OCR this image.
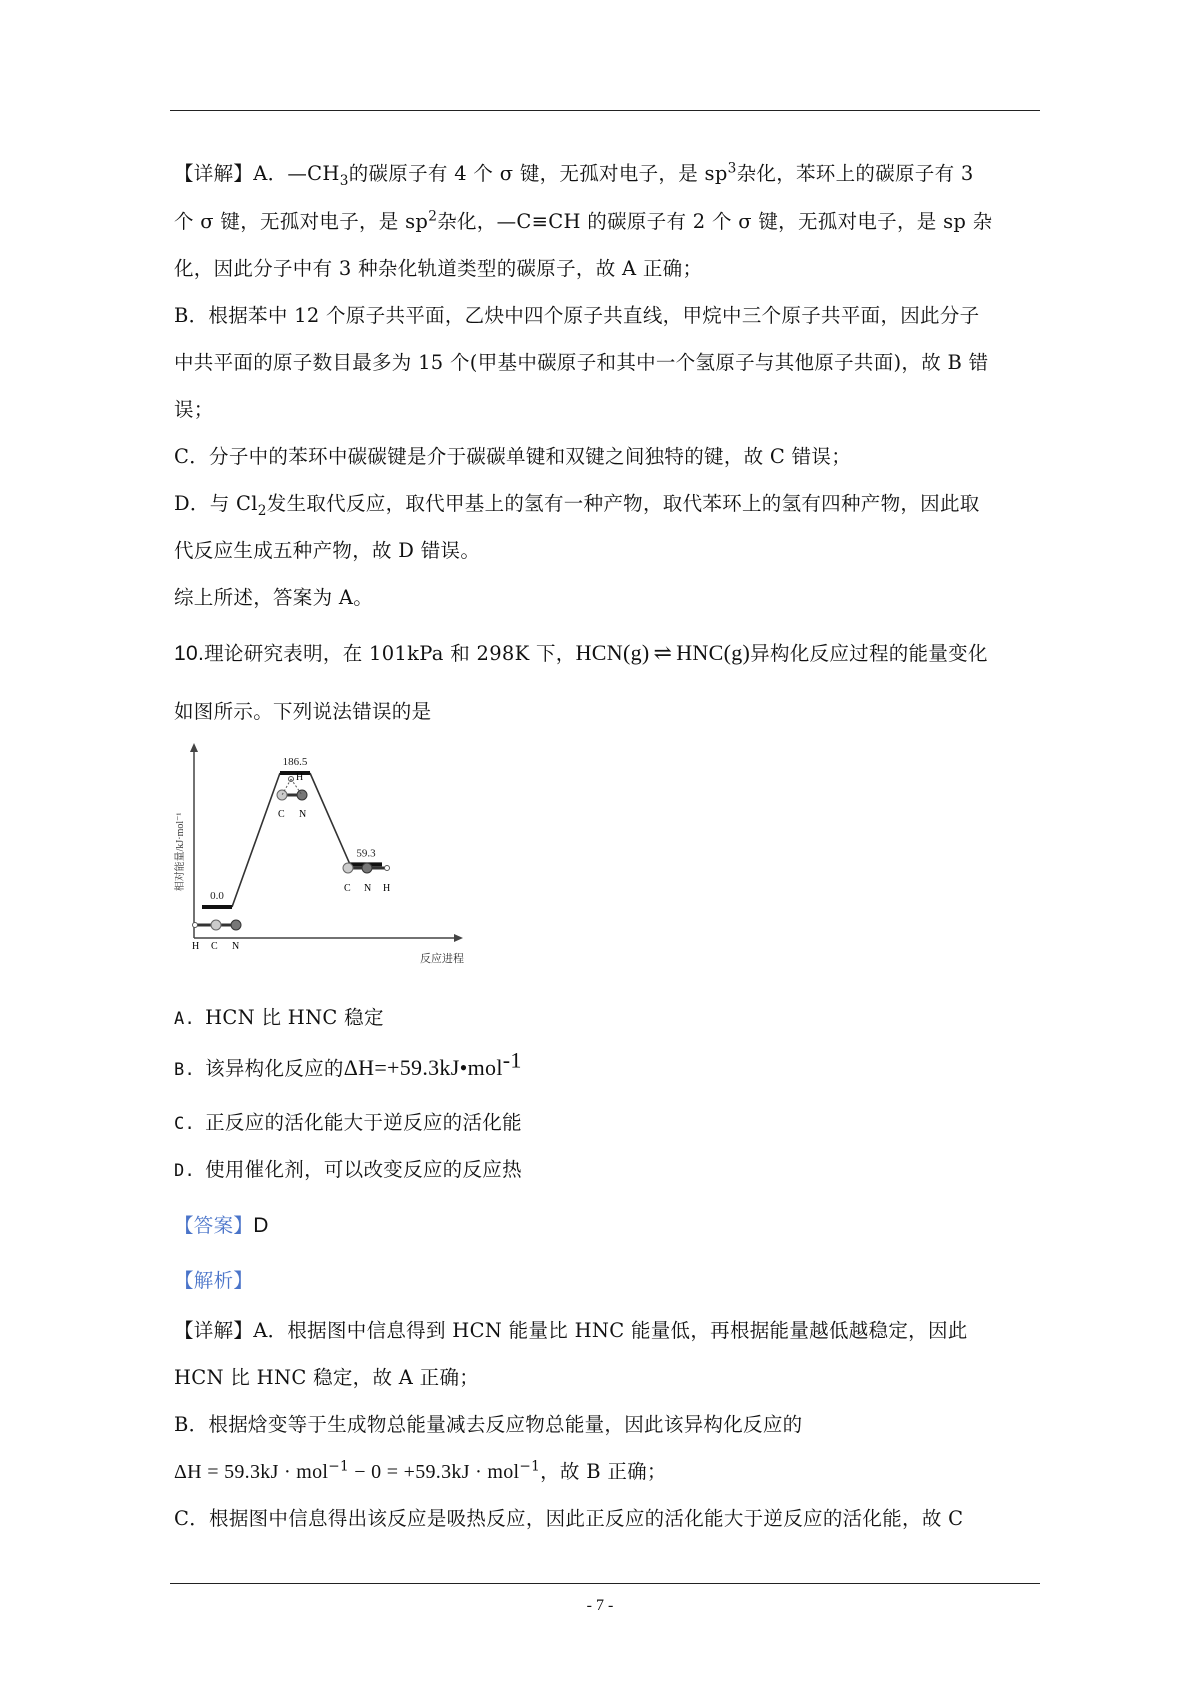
【详解】A．$—CH_3$的碳原子有 4 个 σ 键，无孤对电子，是 $sp^3$杂化，苯环上的碳原子有 3
个 σ 键，无孤对电子，是 $sp^2$杂化，—C≡CH 的碳原子有 2 个 σ 键，无孤对电子，是 sp 杂
化，因此分子中有 3 种杂化轨道类型的碳原子，故 A 正确；
B．根据苯中 12 个原子共平面，乙炔中四个原子共直线，甲烷中三个原子共平面，因此分子
中共平面的原子数目最多为 15 个(甲基中碳原子和其中一个氢原子与其他原子共面)，故 B 错
误；
C．分子中的苯环中碳碳键是介于碳碳单键和双键之间独特的键，故 C 错误；
D．与 $Cl_2$发生取代反应，取代甲基上的氢有一种产物，取代苯环上的氢有四种产物，因此取
代反应生成五种产物，故 D 错误。
综上所述，答案为 A。
10.理论研究表明，在 101kPa 和 298K 下，HCN(g) ⇌ HNC(g)异构化反应过程的能量变化
如图所示。下列说法错误的是
相对能量/kJ·mol⁻¹
反应进程
0.0
186.5
59.3
H C N
H
C N
C N H
A. HCN 比 HNC 稳定
B. 该异构化反应的ΔH=+59.3kJ•mol$^{-1}$
C. 正反应的活化能大于逆反应的活化能
D. 使用催化剂，可以改变反应的反应热
【答案】D
【解析】
【详解】A．根据图中信息得到 HCN 能量比 HNC 能量低，再根据能量越低越稳定，因此
HCN 比 HNC 稳定，故 A 正确；
B．根据焓变等于生成物总能量减去反应物总能量，因此该异构化反应的
ΔH = 59.3kJ · mol$^{-1}$ − 0 = +59.3kJ · mol$^{-1}$，故 B 正确；
C．根据图中信息得出该反应是吸热反应，因此正反应的活化能大于逆反应的活化能，故 C
- 7 -
